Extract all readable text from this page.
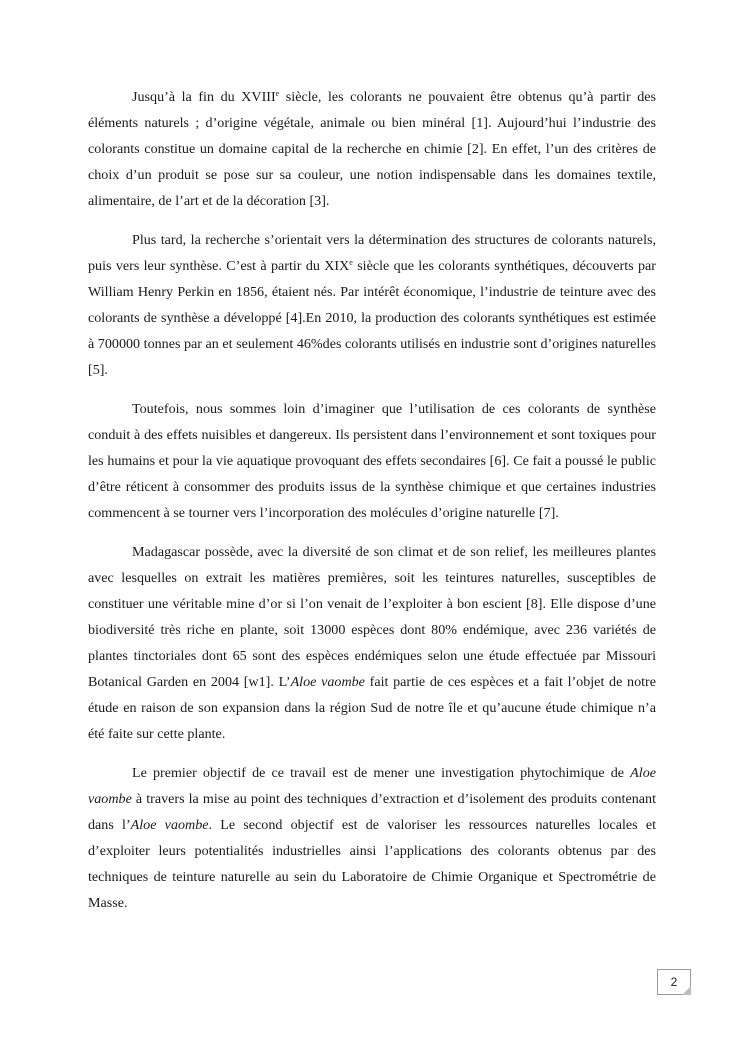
Jusqu’à la fin du XVIIIe siècle, les colorants ne pouvaient être obtenus qu’à partir des éléments naturels ; d’origine végétale, animale ou bien minéral [1]. Aujourd’hui l’industrie des colorants constitue un domaine capital de la recherche en chimie [2]. En effet, l’un des critères de choix d’un produit se pose sur sa couleur, une notion indispensable dans les domaines textile, alimentaire, de l’art et de la décoration [3].

Plus tard, la recherche s’orientait vers la détermination des structures de colorants naturels, puis vers leur synthèse. C’est à partir du XIXe siècle que les colorants synthétiques, découverts par William Henry Perkin en 1856, étaient nés. Par intérêt économique, l’industrie de teinture avec des colorants de synthèse a développé [4].En 2010, la production des colorants synthétiques est estimée à 700000 tonnes par an et seulement 46%des colorants utilisés en industrie sont d’origines naturelles [5].

Toutefois, nous sommes loin d’imaginer que l’utilisation de ces colorants de synthèse conduit à des effets nuisibles et dangereux. Ils persistent dans l’environnement et sont toxiques pour les humains et pour la vie aquatique provoquant des effets secondaires [6]. Ce fait a poussé le public d’être réticent à consommer des produits issus de la synthèse chimique et que certaines industries commencent à se tourner vers l’incorporation des molécules d’origine naturelle [7].

Madagascar possède, avec la diversité de son climat et de son relief, les meilleures plantes avec lesquelles on extrait les matières premières, soit les teintures naturelles, susceptibles de constituer une véritable mine d’or si l’on venait de l’exploiter à bon escient [8]. Elle dispose d’une biodiversité très riche en plante, soit 13000 espèces dont 80% endémique, avec 236 variétés de plantes tinctoriales dont 65 sont des espèces endémiques selon une étude effectuée par Missouri Botanical Garden en 2004 [w1]. L’Aloe vaombe fait partie de ces espèces et a fait l’objet de notre étude en raison de son expansion dans la région Sud de notre île et qu’aucune étude chimique n’a été faite sur cette plante.

Le premier objectif de ce travail est de mener une investigation phytochimique de Aloe vaombe à travers la mise au point des techniques d’extraction et d’isolement des produits contenant dans l’Aloe vaombe. Le second objectif est de valoriser les ressources naturelles locales et d’exploiter leurs potentialités industrielles ainsi l’applications des colorants obtenus par des techniques de teinture naturelle au sein du Laboratoire de Chimie Organique et Spectrométrie de Masse.

2
